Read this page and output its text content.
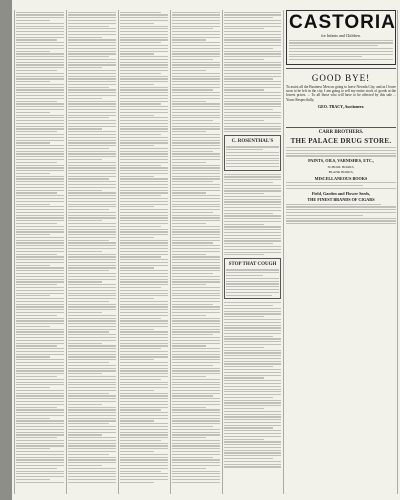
C. ROSENTHAL'S
STOP THAT COUGH
CASTORIA
for Infants and Children.
GOOD BYE!
To assist all the Business Men on going to leave Nevada City, and as I leave soon to be left in the city, I am going to sell my entire stock of goods at the lowest prices. ... To all those who will have to be affected by this sale ... Yours Respectfully,
GEO. TRACY, Auctioneer.
CARR BROTHERS.
THE PALACE DRUG STORE.
PAINTS, OILS, VARNISHES, ETC.,
SCHOOL BOOKS,
BLANK BOOKS,
MISCELLANEOUS BOOKS
Field, Garden and Flower Seeds,
THE FINEST BRANDS OF CIGARS
